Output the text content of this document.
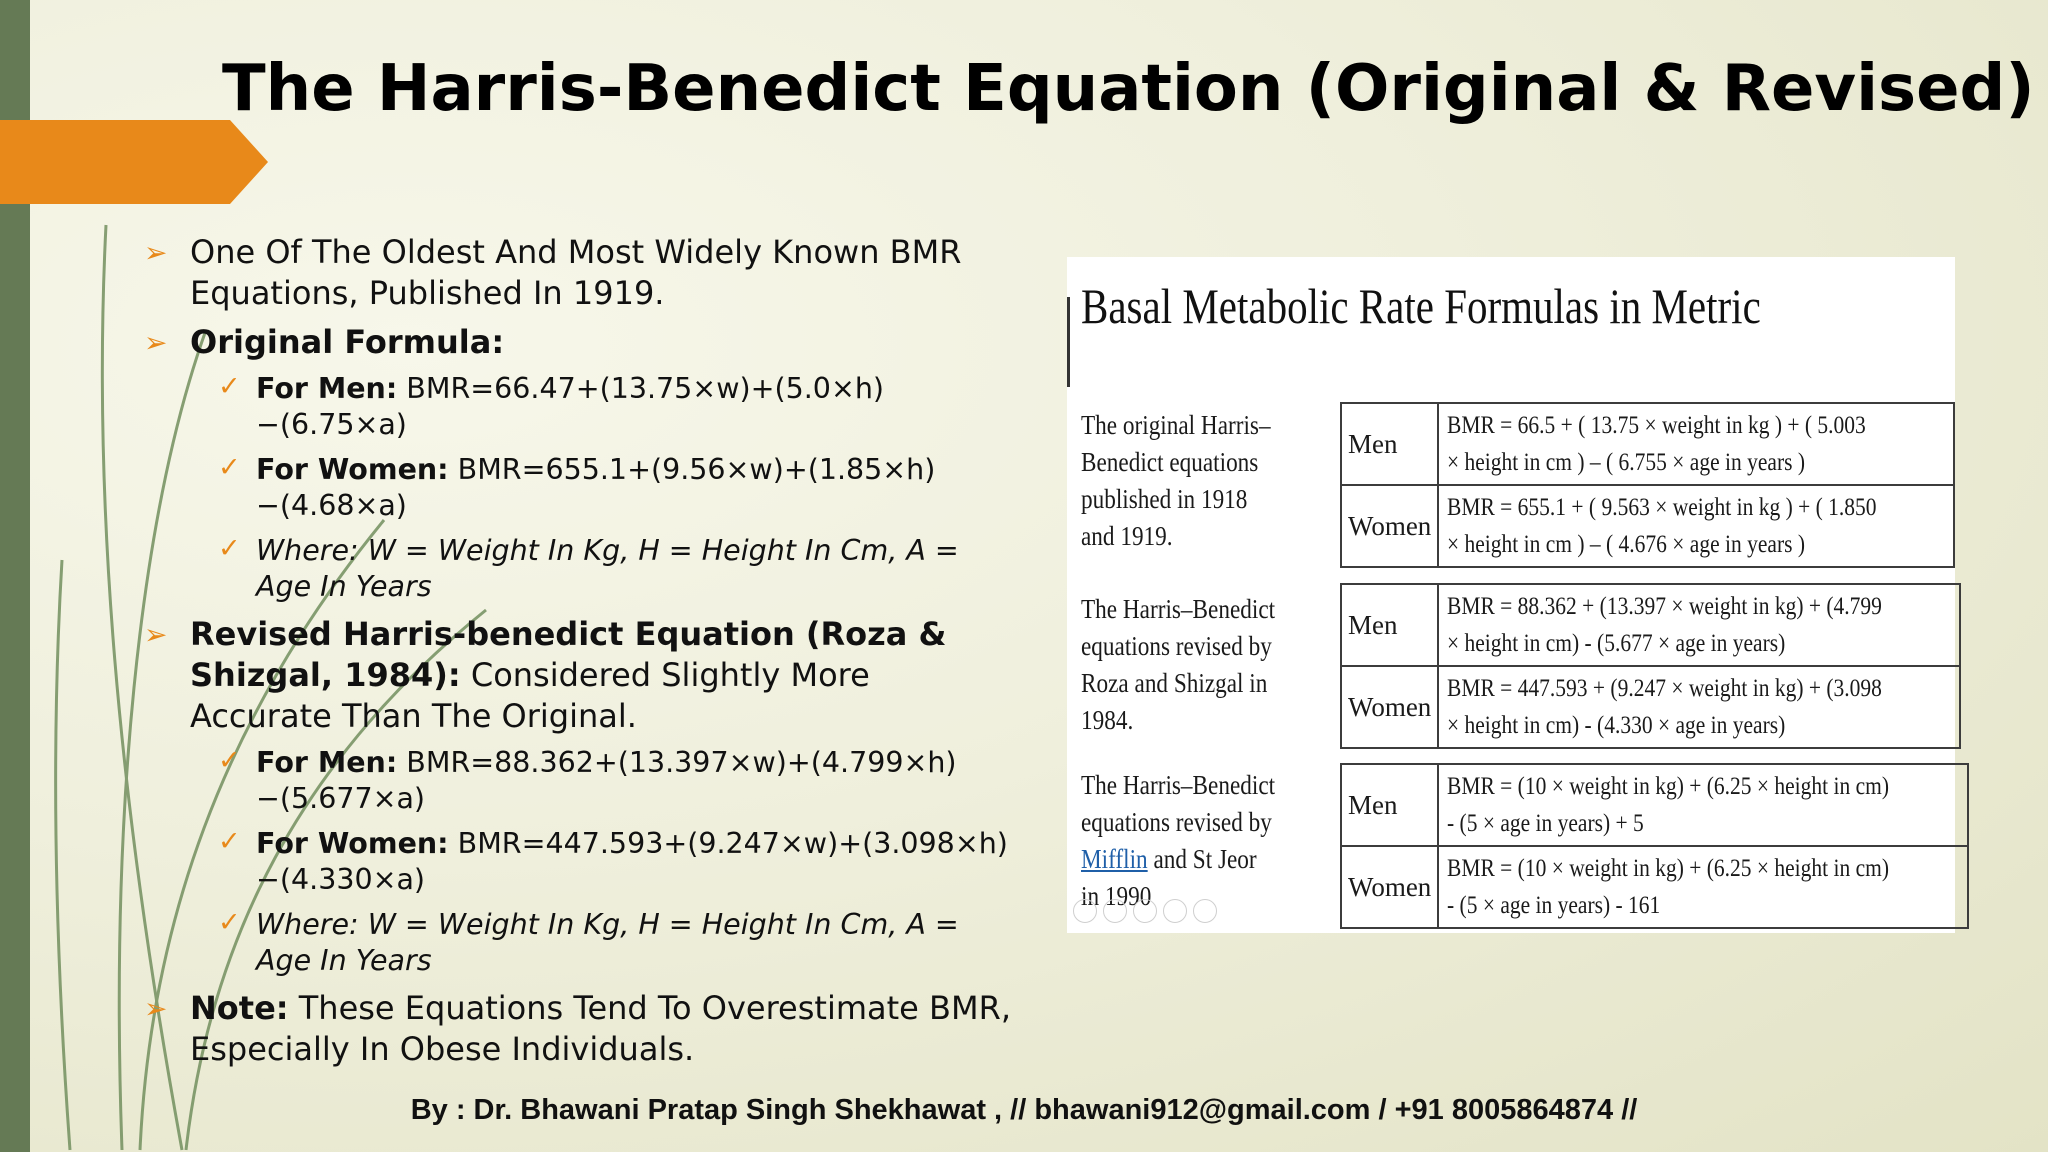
The Harris-Benedict Equation (Original & Revised)
➢ One Of The Oldest And Most Widely Known BMR Equations, Published In 1919.
➢ Original Formula:
✓ For Men: BMR=66.47+(13.75×w)+(5.0×h)−(6.75×a)
✓ For Women: BMR=655.1+(9.56×w)+(1.85×h)−(4.68×a)
✓ Where: W = Weight In Kg, H = Height In Cm, A = Age In Years
➢ Revised Harris-benedict Equation (Roza & Shizgal, 1984): Considered Slightly More Accurate Than The Original.
✓ For Men: BMR=88.362+(13.397×w)+(4.799×h)−(5.677×a)
✓ For Women: BMR=447.593+(9.247×w)+(3.098×h)−(4.330×a)
✓ Where: W = Weight In Kg, H = Height In Cm, A = Age In Years
➢ Note: These Equations Tend To Overestimate BMR, Especially In Obese Individuals.
Basal Metabolic Rate Formulas in Metric
The original Harris–Benedict equations published in 1918 and 1919.
Men	BMR = 66.5 + ( 13.75 × weight in kg ) + ( 5.003
× height in cm ) – ( 6.755 × age in years )

Women	BMR = 655.1 + ( 9.563 × weight in kg ) + ( 1.850
× height in cm ) – ( 4.676 × age in years )
The Harris–Benedict equations revised by Roza and Shizgal in 1984.
Men	BMR = 88.362 + (13.397 × weight in kg) + (4.799
× height in cm) - (5.677 × age in years)

Women	BMR = 447.593 + (9.247 × weight in kg) + (3.098
× height in cm) - (4.330 × age in years)
The Harris–Benedict equations revised by Mifflin and St Jeor in 1990
Men	BMR = (10 × weight in kg) + (6.25 × height in cm)
- (5 × age in years) + 5

Women	BMR = (10 × weight in kg) + (6.25 × height in cm)
- (5 × age in years) - 161
By : Dr. Bhawani Pratap Singh Shekhawat , // bhawani912@gmail.com / +91 8005864874 //
